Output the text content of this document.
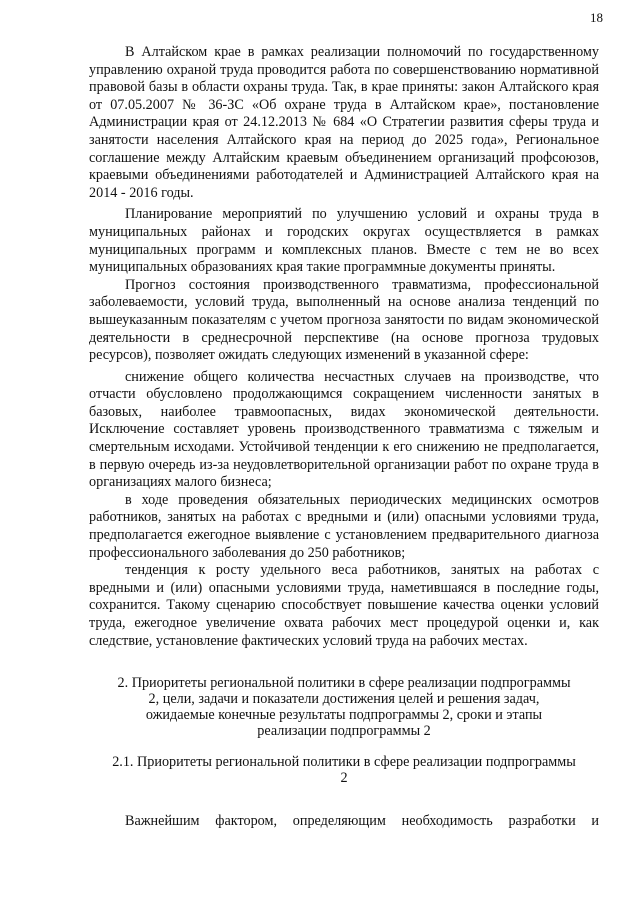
18

В Алтайском крае в рамках реализации полномочий по государственному управлению охраной труда проводится работа по совершенствованию нормативной правовой базы в области охраны труда. Так, в крае приняты: закон Алтайского края от 07.05.2007 № 36-ЗС «Об охране труда в Алтайском крае», постановление Администрации края от 24.12.2013 № 684 «О Стратегии развития сферы труда и занятости населения Алтайского края на период до 2025 года», Региональное соглашение между Алтайским краевым объединением организаций профсоюзов, краевыми объединениями работодателей и Администрацией Алтайского края на 2014 - 2016 годы.

Планирование мероприятий по улучшению условий и охраны труда в муниципальных районах и городских округах осуществляется в рамках муниципальных программ и комплексных планов. Вместе с тем не во всех муниципальных образованиях края такие программные документы приняты.

Прогноз состояния производственного травматизма, профессиональной заболеваемости, условий труда, выполненный на основе анализа тенденций по вышеуказанным показателям с учетом прогноза занятости по видам экономической деятельности в среднесрочной перспективе (на основе прогноза трудовых ресурсов), позволяет ожидать следующих изменений в указанной сфере:

снижение общего количества несчастных случаев на производстве, что отчасти обусловлено продолжающимся сокращением численности занятых в базовых, наиболее травмоопасных, видах экономической деятельности. Исключение составляет уровень производственного травматизма с тяжелым и смертельным исходами. Устойчивой тенденции к его снижению не предполагается, в первую очередь из-за неудовлетворительной организации работ по охране труда в организациях малого бизнеса;

в ходе проведения обязательных периодических медицинских осмотров работников, занятых на работах с вредными и (или) опасными условиями труда, предполагается ежегодное выявление с установлением предварительного диагноза профессионального заболевания до 250 работников;

тенденция к росту удельного веса работников, занятых на работах с вредными и (или) опасными условиями труда, наметившаяся в последние годы, сохранится. Такому сценарию способствует повышение качества оценки условий труда, ежегодное увеличение охвата рабочих мест процедурой оценки и, как следствие, установление фактических условий труда на рабочих местах.

2. Приоритеты региональной политики в сфере реализации подпрограммы 2, цели, задачи и показатели достижения целей и решения задач, ожидаемые конечные результаты подпрограммы 2, сроки и этапы реализации подпрограммы 2
2.1. Приоритеты региональной политики в сфере реализации подпрограммы 2

Важнейшим фактором, определяющим необходимость разработки и
